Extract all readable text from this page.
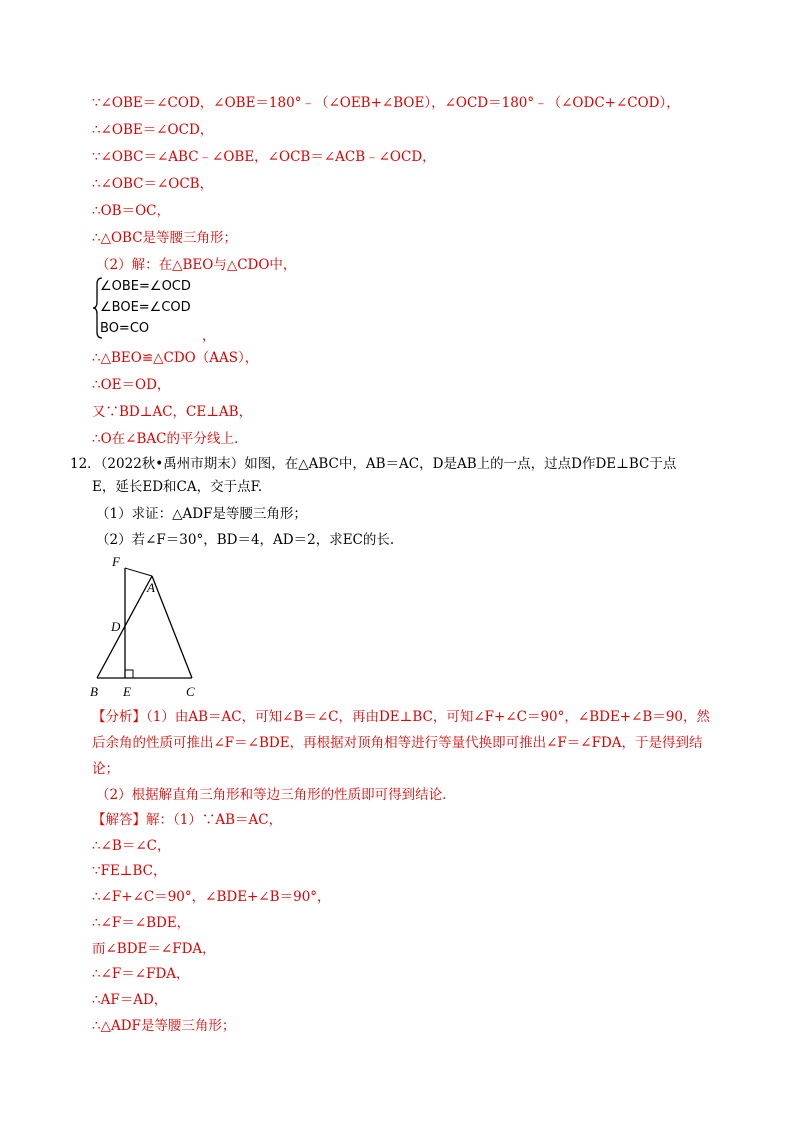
∵∠OBE＝∠COD，∠OBE＝180°﹣（∠OEB+∠BOE），∠OCD＝180°﹣（∠ODC+∠COD），
∴∠OBE＝∠OCD，
∵∠OBC＝∠ABC﹣∠OBE，∠OCB＝∠ACB﹣∠OCD，
∴∠OBC＝∠OCB，
∴OB＝OC，
∴△OBC是等腰三角形；
（2）解：在△BEO与△CDO中，
∠OBE=∠OCD
∠BOE=∠COD
BO=CO	，
∴△BEO≌△CDO（AAS），
∴OE＝OD，
又∵BD⊥AC，CE⊥AB，
∴O在∠BAC的平分线上.
12．（2022秋•禹州市期末）如图，在△ABC中，AB＝AC，D是AB上的一点，过点D作DE⊥BC于点
E，延长ED和CA，交于点F.
（1）求证：△ADF是等腰三角形；
（2）若∠F＝30°，BD＝4，AD＝2，求EC的长.
F
A
D
B E	C
【分析】（1）由AB＝AC，可知∠B＝∠C，再由DE⊥BC，可知∠F+∠C＝90°，∠BDE+∠B＝90，然
后余角的性质可推出∠F＝∠BDE，再根据对顶角相等进行等量代换即可推出∠F＝∠FDA，于是得到结
论；
（2）根据解直角三角形和等边三角形的性质即可得到结论.
【解答】解：（1）∵AB＝AC，
∴∠B＝∠C，
∵FE⊥BC，
∴∠F+∠C＝90°，∠BDE+∠B＝90°，
∴∠F＝∠BDE，
而∠BDE＝∠FDA，
∴∠F＝∠FDA，
∴AF＝AD，
∴△ADF是等腰三角形；
